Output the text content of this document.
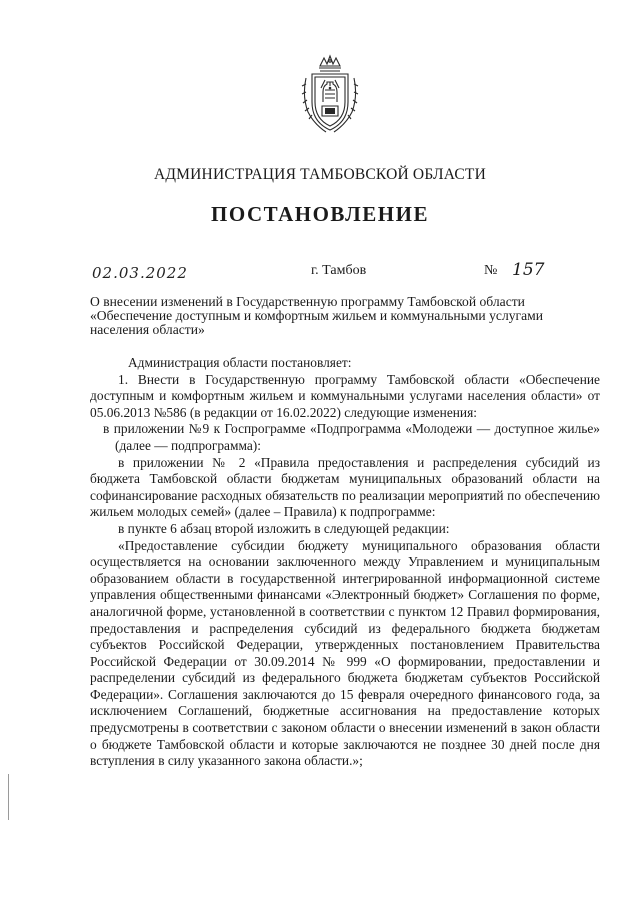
АДМИНИСТРАЦИЯ ТАМБОВСКОЙ ОБЛАСТИ
ПОСТАНОВЛЕНИЕ
02.03.2022	г. Тамбов	№ 157
О внесении изменений в Государственную программу Тамбовской области «Обеспечение доступным и комфортным жильем и коммунальными услугами населения области»

Администрация области постановляет:

1. Внести в Государственную программу Тамбовской области «Обеспечение доступным и комфортным жильем и коммунальными услугами населения области» от 05.06.2013 №586 (в редакции от 16.02.2022) следующие изменения:

в приложении №9 к Госпрограмме «Подпрограмма «Молодежи — доступное жилье» (далее — подпрограмма):

в приложении № 2 «Правила предоставления и распределения субсидий из бюджета Тамбовской области бюджетам муниципальных образований области на софинансирование расходных обязательств по реализации мероприятий по обеспечению жильем молодых семей» (далее – Правила) к подпрограмме:

в пункте 6 абзац второй изложить в следующей редакции:

«Предоставление субсидии бюджету муниципального образования области осуществляется на основании заключенного между Управлением и муниципальным образованием области в государственной интегрированной информационной системе управления общественными финансами «Электронный бюджет» Соглашения по форме, аналогичной форме, установленной в соответствии с пунктом 12 Правил формирования, предоставления и распределения субсидий из федерального бюджета бюджетам субъектов Российской Федерации, утвержденных постановлением Правительства Российской Федерации от 30.09.2014 № 999 «О формировании, предоставлении и распределении субсидий из федерального бюджета бюджетам субъектов Российской Федерации». Соглашения заключаются до 15 февраля очередного финансового года, за исключением Соглашений, бюджетные ассигнования на предоставление которых предусмотрены в соответствии с законом области о внесении изменений в закон области о бюджете Тамбовской области и которые заключаются не позднее 30 дней после дня вступления в силу указанного закона области.»;
